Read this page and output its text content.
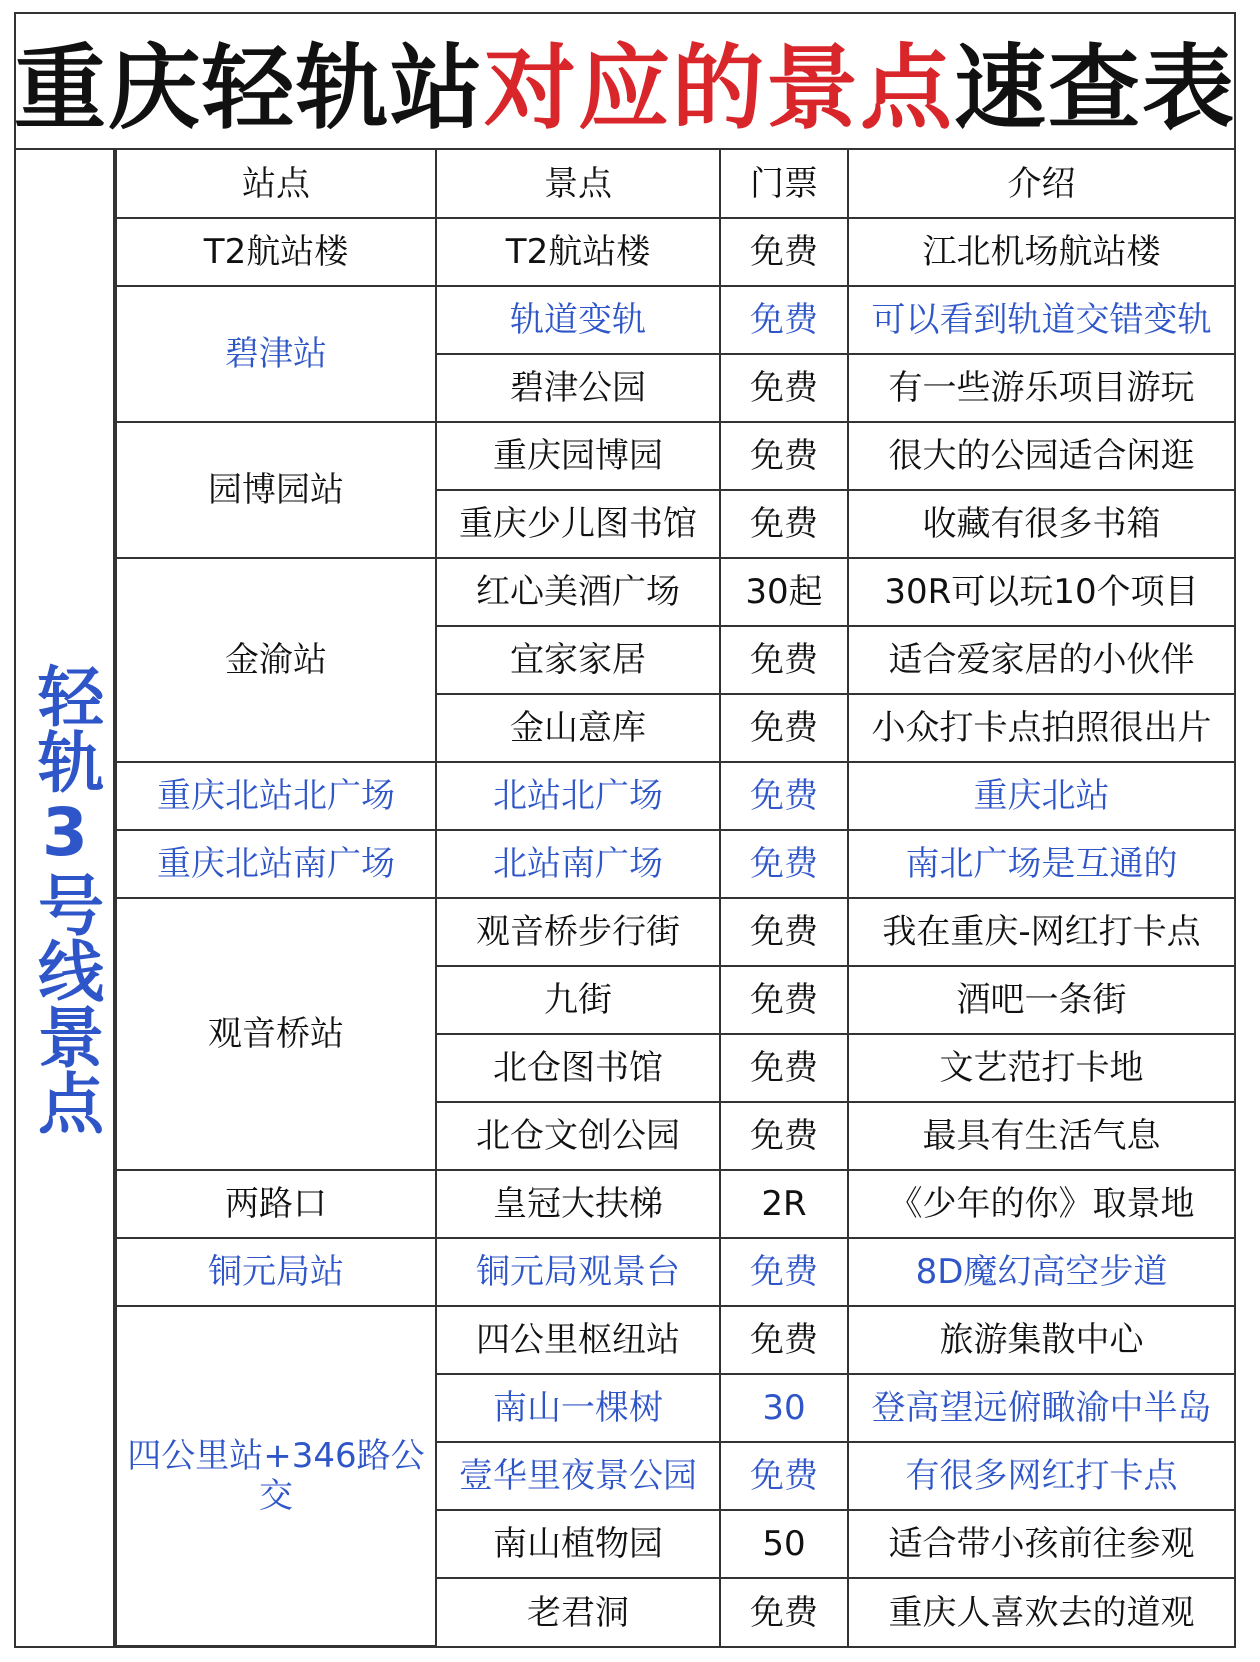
重庆轻轨站 对应的景点 速查表
轻轨3号线景点
站点	景点	门票	介绍
T2航站楼	T2航站楼	免费	江北机场航站楼
碧津站	轨道变轨	免费	可以看到轨道交错变轨
	碧津公园	免费	有一些游乐项目游玩
园博园站	重庆园博园	免费	很大的公园适合闲逛
	重庆少儿图书馆	免费	收藏有很多书箱
金渝站	红心美酒广场	30起	30R可以玩10个项目
	宜家家居	免费	适合爱家居的小伙伴
	金山意库	免费	小众打卡点拍照很出片
重庆北站北广场	北站北广场	免费	重庆北站
重庆北站南广场	北站南广场	免费	南北广场是互通的
观音桥站	观音桥步行街	免费	我在重庆-网红打卡点
	九街	免费	酒吧一条街
	北仓图书馆	免费	文艺范打卡地
	北仓文创公园	免费	最具有生活气息
两路口	皇冠大扶梯	2R	《少年的你》取景地
铜元局站	铜元局观景台	免费	8D魔幻高空步道
四公里站+346路公交	四公里枢纽站	免费	旅游集散中心
	南山一棵树	30	登高望远俯瞰渝中半岛
	壹华里夜景公园	免费	有很多网红打卡点
	南山植物园	50	适合带小孩前往参观
	老君洞	免费	重庆人喜欢去的道观
